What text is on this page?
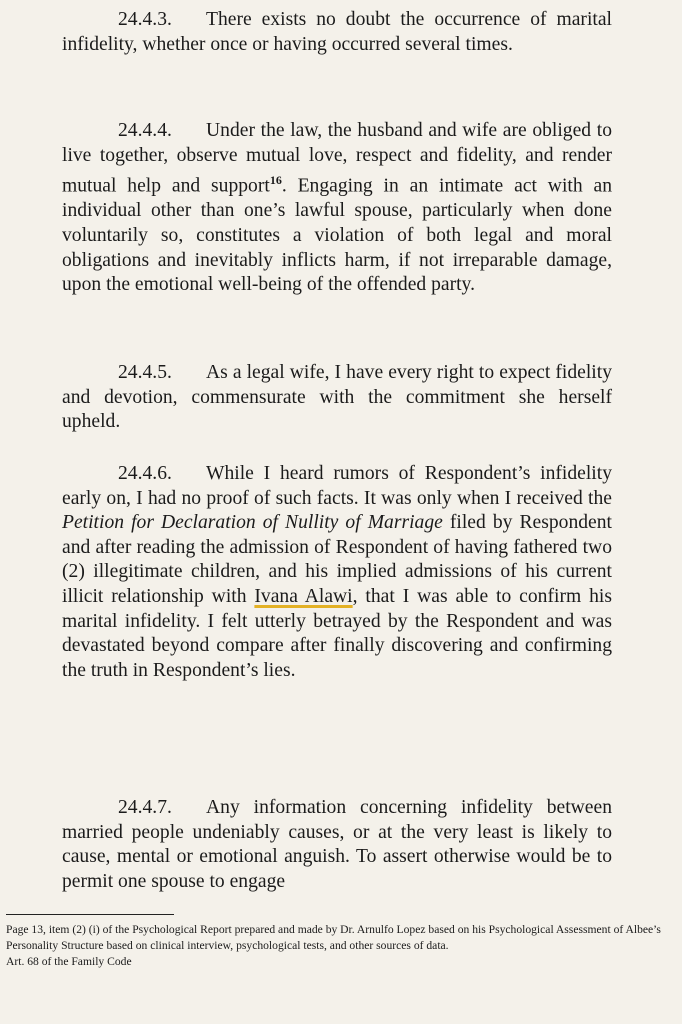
24.4.3. There exists no doubt the occurrence of marital infidelity, whether once or having occurred several times.

24.4.4. Under the law, the husband and wife are obliged to live together, observe mutual love, respect and fidelity, and render mutual help and support$^{16}$. Engaging in an intimate act with an individual other than one’s lawful spouse, particularly when done voluntarily so, constitutes a violation of both legal and moral obligations and inevitably inflicts harm, if not irreparable damage, upon the emotional well-being of the offended party.

24.4.5. As a legal wife, I have every right to expect fidelity and devotion, commensurate with the commitment she herself upheld.

24.4.6. While I heard rumors of Respondent’s infidelity early on, I had no proof of such facts. It was only when I received the Petition for Declaration of Nullity of Marriage filed by Respondent and after reading the admission of Respondent of having fathered two (2) illegitimate children, and his implied admissions of his current illicit relationship with Ivana Alawi, that I was able to confirm his marital infidelity. I felt utterly betrayed by the Respondent and was devastated beyond compare after finally discovering and confirming the truth in Respondent’s lies.

24.4.7. Any information concerning infidelity between married people undeniably causes, or at the very least is likely to cause, mental or emotional anguish. To assert otherwise would be to permit one spouse to engage

Page 13, item (2) (i) of the Psychological Report prepared and made by Dr. Arnulfo Lopez based on his Psychological Assessment of Albee’s Personality Structure based on clinical interview, psychological tests, and other sources of data.

Art. 68 of the Family Code
